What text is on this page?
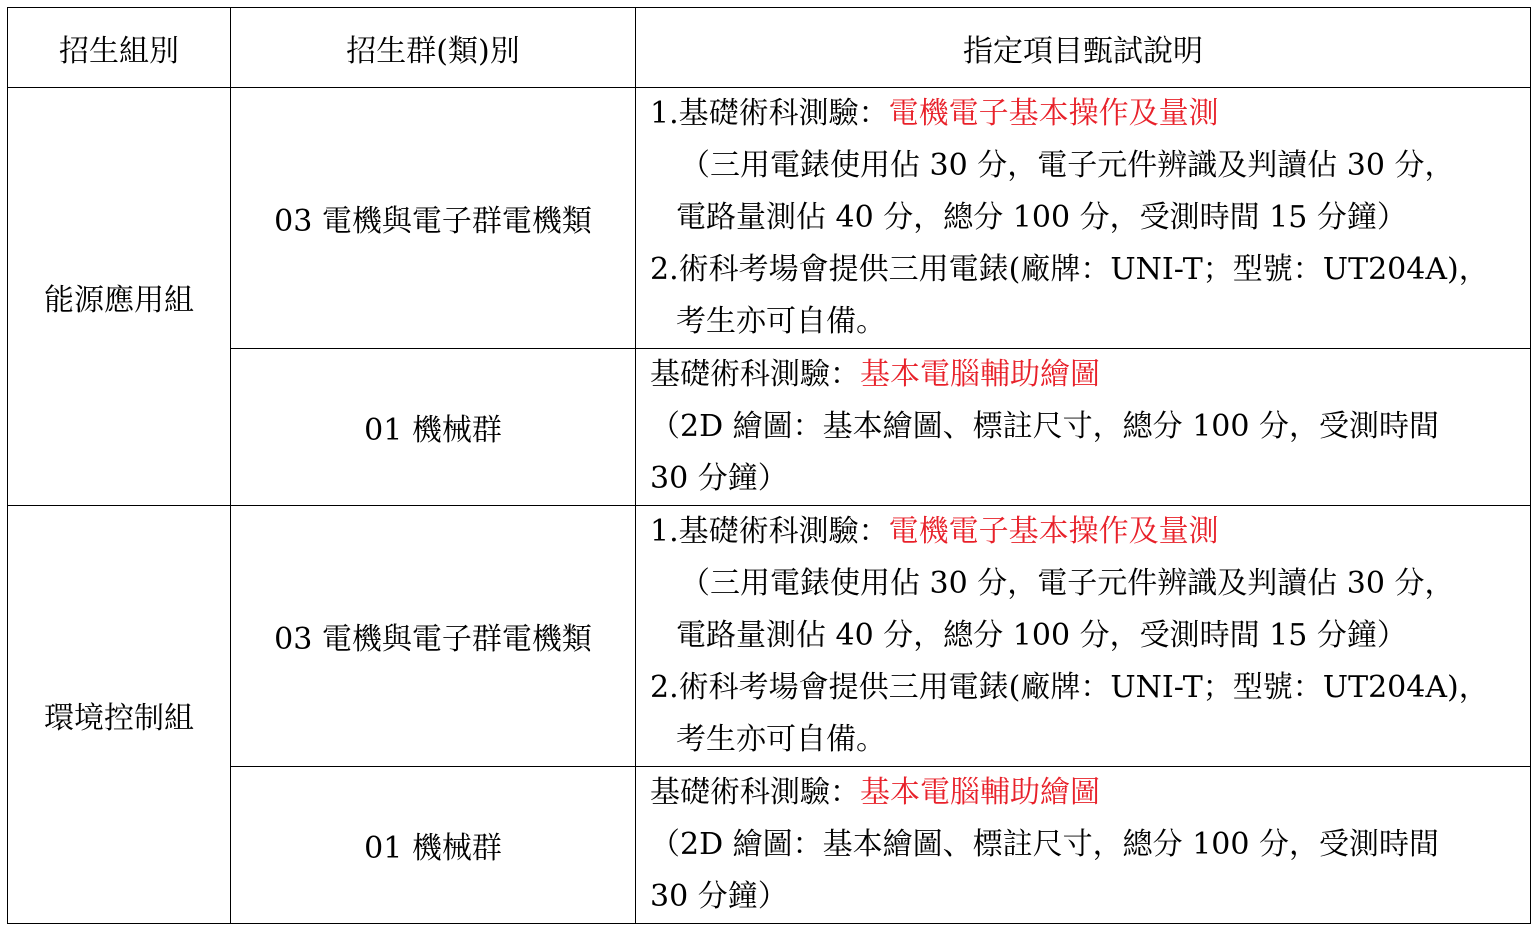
招生組別	招生群(類)別	指定項目甄試說明
能源應用組	03 電機與電子群電機類	1.基礎術科測驗：電機電子基本操作及量測
（三用電錶使用佔 30 分，電子元件辨識及判讀佔 30 分，
電路量測佔 40 分，總分 100 分，受測時間 15 分鐘）
2.術科考場會提供三用電錶(廠牌：UNI-T；型號：UT204A)，
考生亦可自備。

	01 機械群	基礎術科測驗：基本電腦輔助繪圖
（2D 繪圖：基本繪圖、標註尺寸，總分 100 分，受測時間
30 分鐘）

環境控制組	03 電機與電子群電機類	1.基礎術科測驗：電機電子基本操作及量測
（三用電錶使用佔 30 分，電子元件辨識及判讀佔 30 分，
電路量測佔 40 分，總分 100 分，受測時間 15 分鐘）
2.術科考場會提供三用電錶(廠牌：UNI-T；型號：UT204A)，
考生亦可自備。

	01 機械群	基礎術科測驗：基本電腦輔助繪圖
（2D 繪圖：基本繪圖、標註尺寸，總分 100 分，受測時間
30 分鐘）
